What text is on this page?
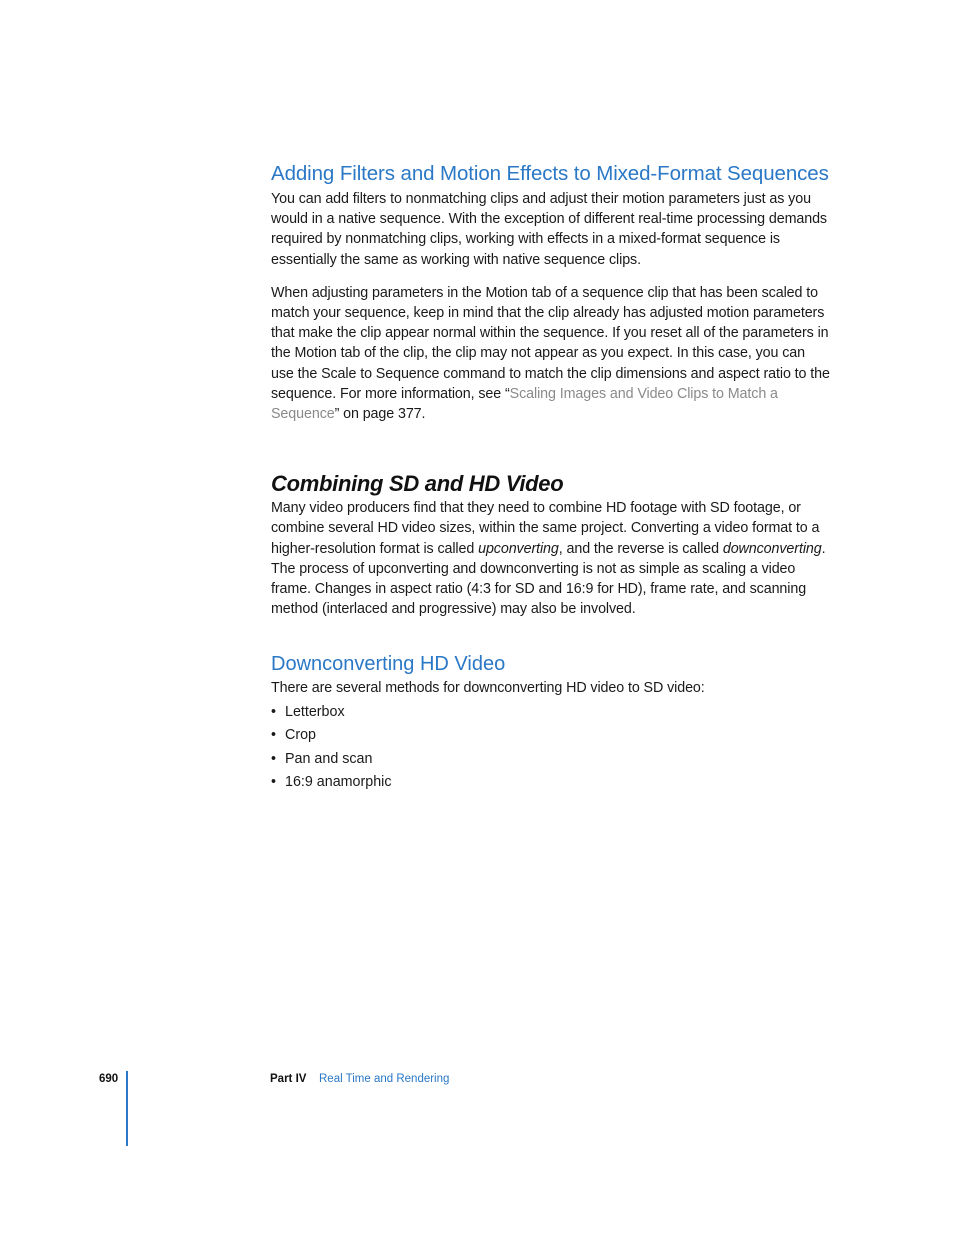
Adding Filters and Motion Effects to Mixed-Format Sequences

You can add filters to nonmatching clips and adjust their motion parameters just as you would in a native sequence. With the exception of different real-time processing demands required by nonmatching clips, working with effects in a mixed-format sequence is essentially the same as working with native sequence clips.

When adjusting parameters in the Motion tab of a sequence clip that has been scaled to match your sequence, keep in mind that the clip already has adjusted motion parameters that make the clip appear normal within the sequence. If you reset all of the parameters in the Motion tab of the clip, the clip may not appear as you expect. In this case, you can use the Scale to Sequence command to match the clip dimensions and aspect ratio to the sequence. For more information, see “Scaling Images and Video Clips to Match a Sequence” on page 377.

Combining SD and HD Video

Many video producers find that they need to combine HD footage with SD footage, or combine several HD video sizes, within the same project. Converting a video format to a higher-resolution format is called upconverting, and the reverse is called downconverting. The process of upconverting and downconverting is not as simple as scaling a video frame. Changes in aspect ratio (4:3 for SD and 16:9 for HD), frame rate, and scanning method (interlaced and progressive) may also be involved.

Downconverting HD Video

There are several methods for downconverting HD video to SD video:

• Letterbox
• Crop
• Pan and scan
• 16:9 anamorphic
690	Part IV Real Time and Rendering
